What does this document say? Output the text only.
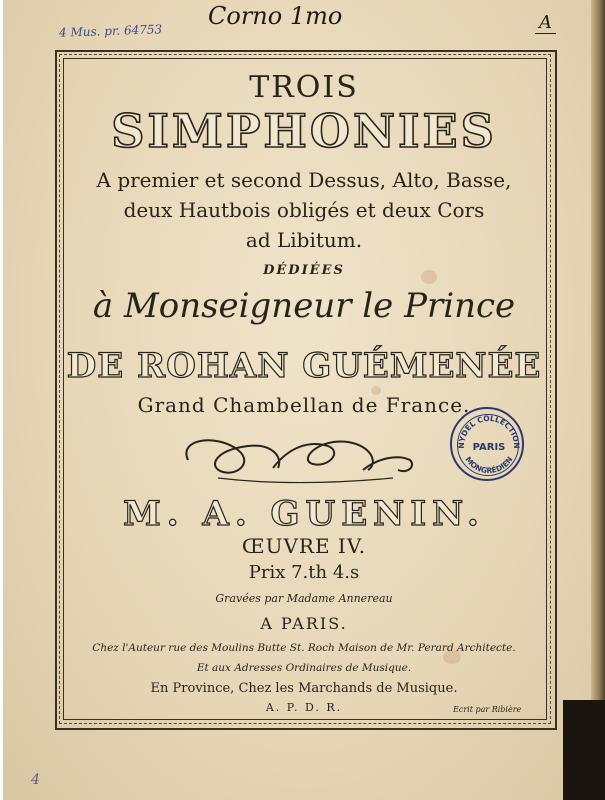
Corno 1mo
4 Mus. pr. 64753	A
4
TROIS
SIMPHONIES
A premier et second Dessus, Alto, Basse,
deux Hautbois obligés et deux Cors
ad Libitum.
DÉDIÉES
à Monseigneur le Prince
DE ROHAN GUÉMENÉE
Grand Chambellan de France.
NYDEL COLLECTION
MONGRÉDIEN
PARIS
M. A. GUENIN.
ŒUVRE IV.
Prix 7.th 4.s
Gravées par Madame Annereau
A PARIS.
Chez l'Auteur rue des Moulins Butte St. Roch Maison de Mr. Perard Architecte.
Et aux Adresses Ordinaires de Musique.
En Province, Chez les Marchands de Musique.
A. P. D. R.	Ecrit par Ribière
